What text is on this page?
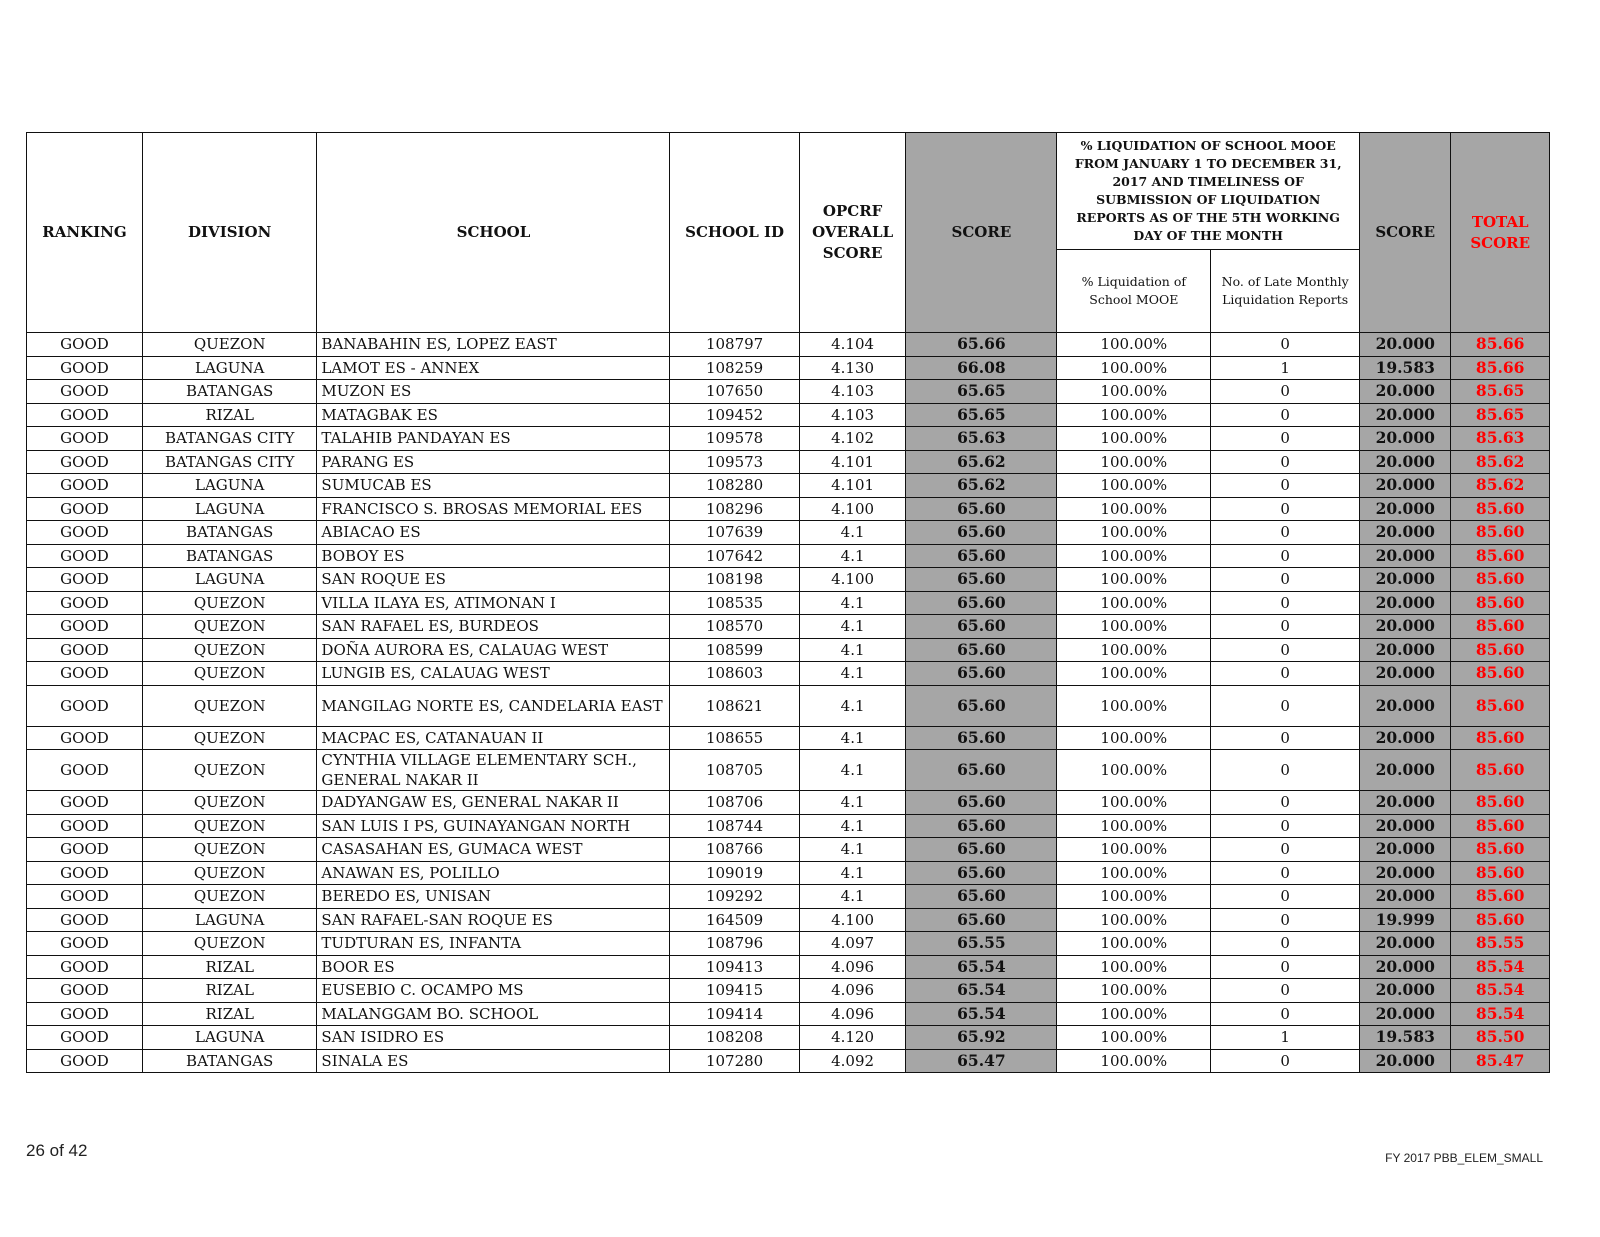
RANKING	DIVISION	SCHOOL	SCHOOL ID	OPCRF OVERALL SCORE	SCORE	% LIQUIDATION OF SCHOOL MOOE FROM JANUARY 1 TO DECEMBER 31, 2017 AND TIMELINESS OF SUBMISSION OF LIQUIDATION REPORTS AS OF THE 5TH WORKING DAY OF THE MONTH		SCORE	TOTAL SCORE
						% Liquidation of School MOOE	No. of Late Monthly Liquidation Reports		
GOOD	QUEZON	BANABAHIN ES, LOPEZ EAST	108797	4.104	65.66	100.00%	0	20.000	85.66
GOOD	LAGUNA	LAMOT ES - ANNEX	108259	4.130	66.08	100.00%	1	19.583	85.66
GOOD	BATANGAS	MUZON ES	107650	4.103	65.65	100.00%	0	20.000	85.65
GOOD	RIZAL	MATAGBAK ES	109452	4.103	65.65	100.00%	0	20.000	85.65
GOOD	BATANGAS CITY	TALAHIB PANDAYAN ES	109578	4.102	65.63	100.00%	0	20.000	85.63
GOOD	BATANGAS CITY	PARANG ES	109573	4.101	65.62	100.00%	0	20.000	85.62
GOOD	LAGUNA	SUMUCAB ES	108280	4.101	65.62	100.00%	0	20.000	85.62
GOOD	LAGUNA	FRANCISCO S. BROSAS MEMORIAL EES	108296	4.100	65.60	100.00%	0	20.000	85.60
GOOD	BATANGAS	ABIACAO ES	107639	4.1	65.60	100.00%	0	20.000	85.60
GOOD	BATANGAS	BOBOY ES	107642	4.1	65.60	100.00%	0	20.000	85.60
GOOD	LAGUNA	SAN ROQUE ES	108198	4.100	65.60	100.00%	0	20.000	85.60
GOOD	QUEZON	VILLA ILAYA ES, ATIMONAN I	108535	4.1	65.60	100.00%	0	20.000	85.60
GOOD	QUEZON	SAN RAFAEL ES, BURDEOS	108570	4.1	65.60	100.00%	0	20.000	85.60
GOOD	QUEZON	DOÑA AURORA ES, CALAUAG WEST	108599	4.1	65.60	100.00%	0	20.000	85.60
GOOD	QUEZON	LUNGIB ES, CALAUAG WEST	108603	4.1	65.60	100.00%	0	20.000	85.60
GOOD	QUEZON	MANGILAG NORTE ES, CANDELARIA EAST	108621	4.1	65.60	100.00%	0	20.000	85.60
GOOD	QUEZON	MACPAC ES, CATANAUAN II	108655	4.1	65.60	100.00%	0	20.000	85.60
GOOD	QUEZON	CYNTHIA VILLAGE ELEMENTARY SCH., GENERAL NAKAR II	108705	4.1	65.60	100.00%	0	20.000	85.60
GOOD	QUEZON	DADYANGAW ES, GENERAL NAKAR II	108706	4.1	65.60	100.00%	0	20.000	85.60
GOOD	QUEZON	SAN LUIS I PS, GUINAYANGAN NORTH	108744	4.1	65.60	100.00%	0	20.000	85.60
GOOD	QUEZON	CASASAHAN ES, GUMACA WEST	108766	4.1	65.60	100.00%	0	20.000	85.60
GOOD	QUEZON	ANAWAN ES, POLILLO	109019	4.1	65.60	100.00%	0	20.000	85.60
GOOD	QUEZON	BEREDO ES, UNISAN	109292	4.1	65.60	100.00%	0	20.000	85.60
GOOD	LAGUNA	SAN RAFAEL-SAN ROQUE ES	164509	4.100	65.60	100.00%	0	19.999	85.60
GOOD	QUEZON	TUDTURAN ES, INFANTA	108796	4.097	65.55	100.00%	0	20.000	85.55
GOOD	RIZAL	BOOR ES	109413	4.096	65.54	100.00%	0	20.000	85.54
GOOD	RIZAL	EUSEBIO C. OCAMPO MS	109415	4.096	65.54	100.00%	0	20.000	85.54
GOOD	RIZAL	MALANGGAM BO. SCHOOL	109414	4.096	65.54	100.00%	0	20.000	85.54
GOOD	LAGUNA	SAN ISIDRO ES	108208	4.120	65.92	100.00%	1	19.583	85.50
GOOD	BATANGAS	SINALA ES	107280	4.092	65.47	100.00%	0	20.000	85.47
26 of 42	FY 2017 PBB_ELEM_SMALL
